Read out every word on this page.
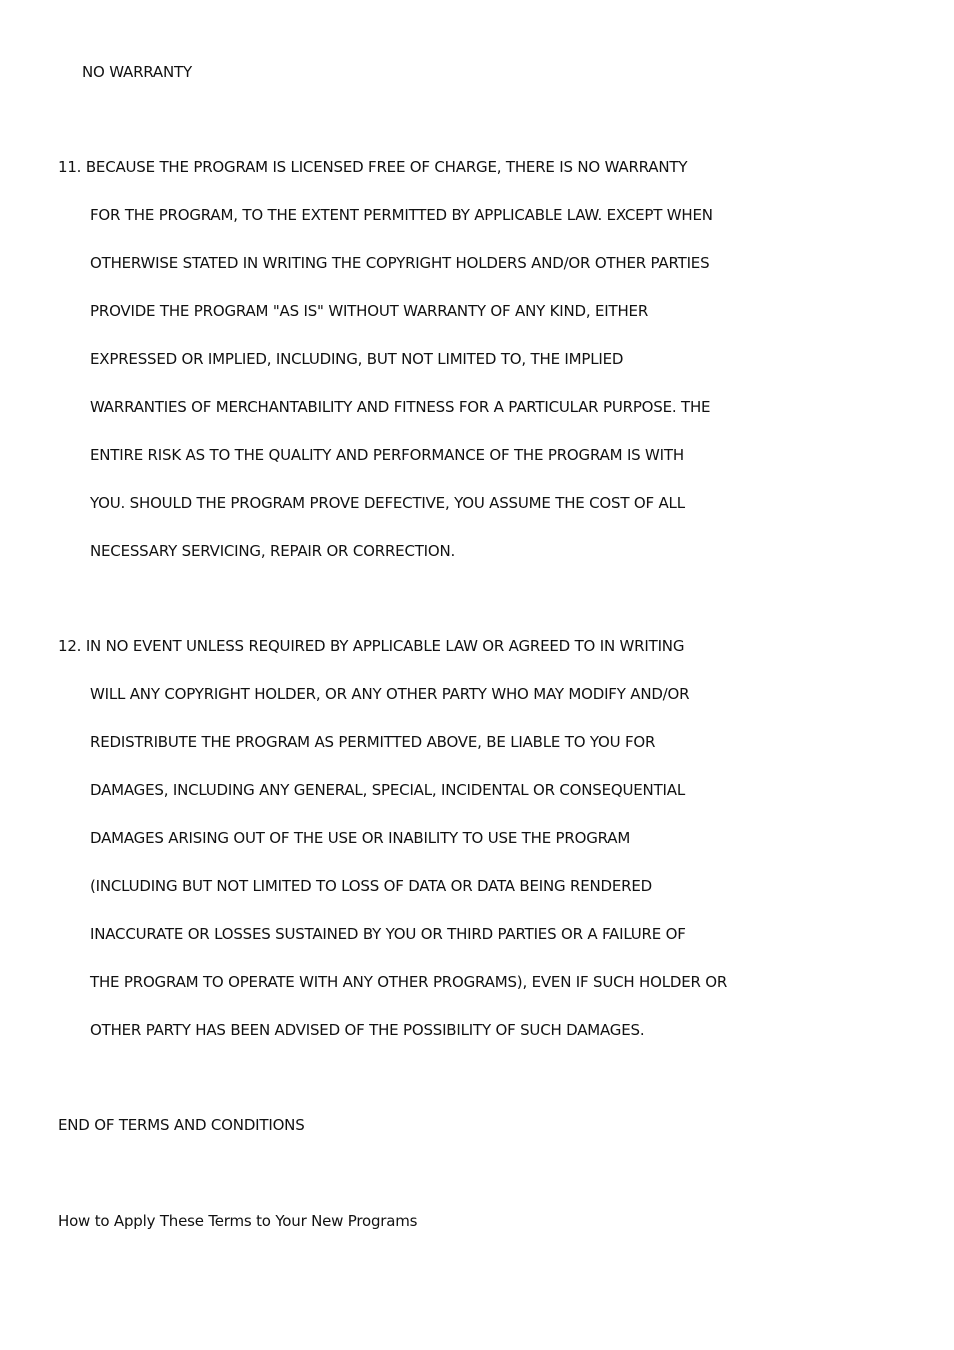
NO WARRANTY
11. BECAUSE THE PROGRAM IS LICENSED FREE OF CHARGE, THERE IS NO WARRANTY
FOR THE PROGRAM, TO THE EXTENT PERMITTED BY APPLICABLE LAW. EXCEPT WHEN
OTHERWISE STATED IN WRITING THE COPYRIGHT HOLDERS AND/OR OTHER PARTIES
PROVIDE THE PROGRAM "AS IS" WITHOUT WARRANTY OF ANY KIND, EITHER
EXPRESSED OR IMPLIED, INCLUDING, BUT NOT LIMITED TO, THE IMPLIED
WARRANTIES OF MERCHANTABILITY AND FITNESS FOR A PARTICULAR PURPOSE. THE
ENTIRE RISK AS TO THE QUALITY AND PERFORMANCE OF THE PROGRAM IS WITH
YOU. SHOULD THE PROGRAM PROVE DEFECTIVE, YOU ASSUME THE COST OF ALL
NECESSARY SERVICING, REPAIR OR CORRECTION.
12. IN NO EVENT UNLESS REQUIRED BY APPLICABLE LAW OR AGREED TO IN WRITING
WILL ANY COPYRIGHT HOLDER, OR ANY OTHER PARTY WHO MAY MODIFY AND/OR
REDISTRIBUTE THE PROGRAM AS PERMITTED ABOVE, BE LIABLE TO YOU FOR
DAMAGES, INCLUDING ANY GENERAL, SPECIAL, INCIDENTAL OR CONSEQUENTIAL
DAMAGES ARISING OUT OF THE USE OR INABILITY TO USE THE PROGRAM
(INCLUDING BUT NOT LIMITED TO LOSS OF DATA OR DATA BEING RENDERED
INACCURATE OR LOSSES SUSTAINED BY YOU OR THIRD PARTIES OR A FAILURE OF
THE PROGRAM TO OPERATE WITH ANY OTHER PROGRAMS), EVEN IF SUCH HOLDER OR
OTHER PARTY HAS BEEN ADVISED OF THE POSSIBILITY OF SUCH DAMAGES.
END OF TERMS AND CONDITIONS
How to Apply These Terms to Your New Programs
